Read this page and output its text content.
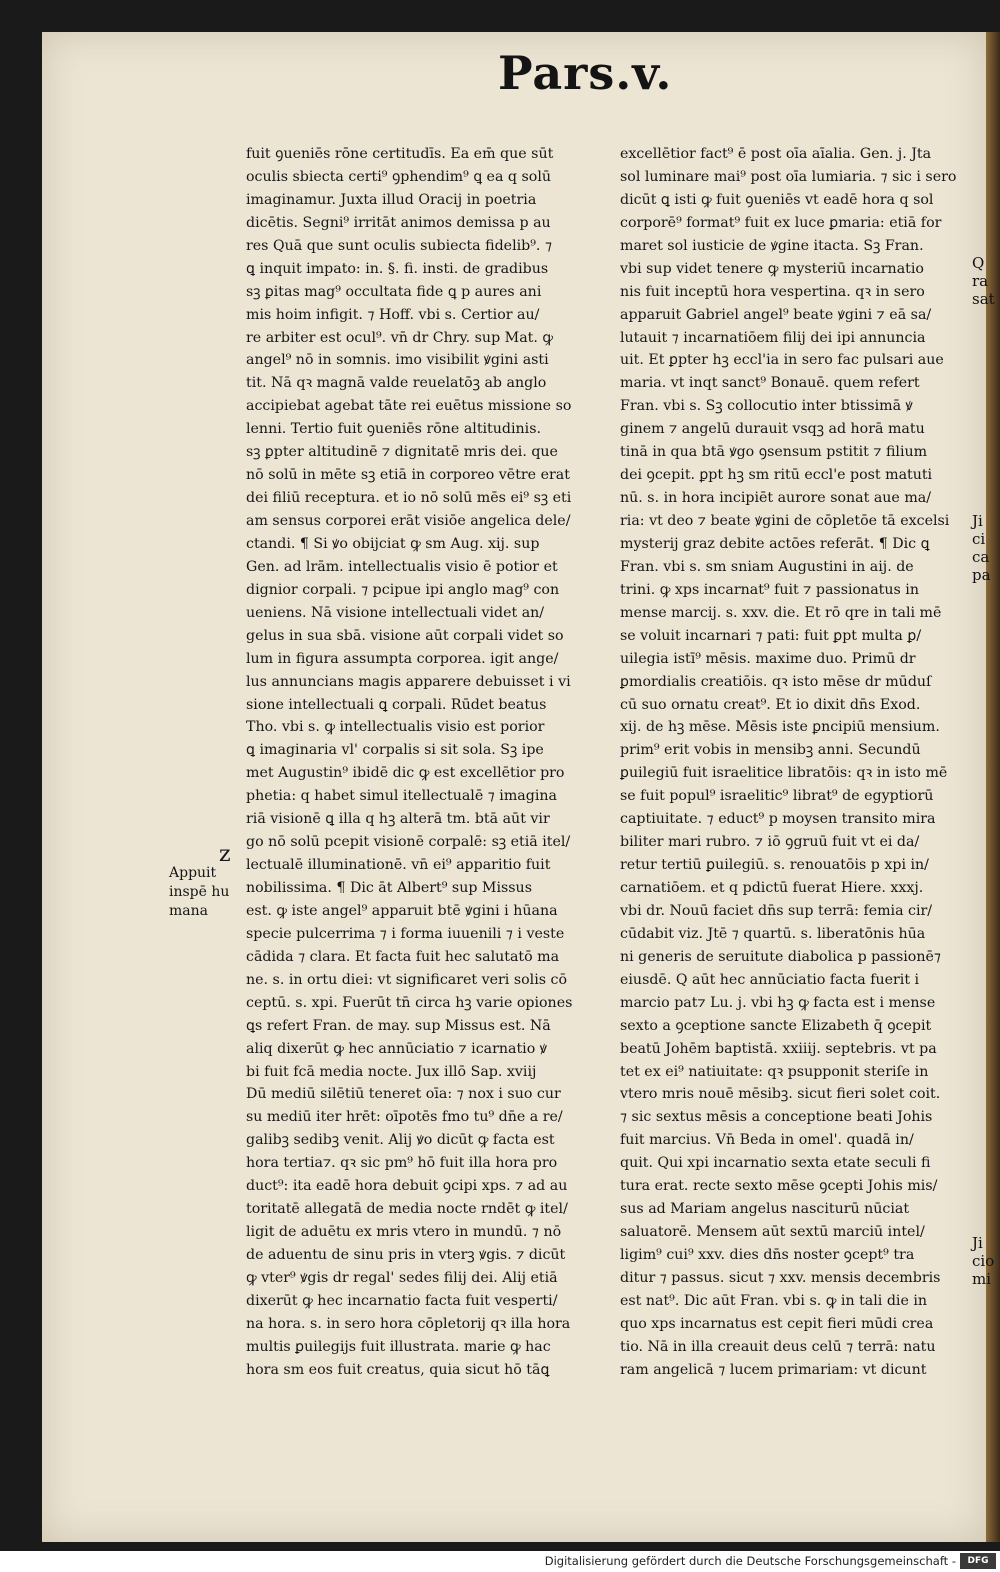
Pars.v.
fuit ꝯueniēs rōne certitudīs. Ea em̄ que sūt
oculis sbiecta certi⁹ ꝯphendim⁹ ꝗ ea q solū
imaginamur. Juxta illud Oracij in poetria
dicētis. Segni⁹ irritāt animos demissa p au
res Quā que sunt oculis subiecta fidelib⁹. ⁊
ꝗ inquit impato: in. §. fi. insti. de gradibus
sꝫ ꝑitas mag⁹ occultata fide ꝗ p aures ani
mis hoim infigit. ⁊ Hoff. vbi s. Certior au/
re arbiter est ocul⁹. vn̄ dr Chry. sup Mat. ꝙ
angel⁹ nō in somnis. imo visibilit ꝟgini asti
tit. Nā qꝛ magnā valde reuelatōꝫ ab anglo
accipiebat agebat tāte rei euētus missione so
lenni. Tertio fuit ꝯueniēs rōne altitudinis.
sꝫ ꝑpter altitudinē ⁊ dignitatē mris dei. que
nō solū in mēte sꝫ etiā in corporeo vētre erat
dei filiū receptura. et io nō solū mēs ei⁹ sꝫ eti
am sensus corporei erāt visiōe angelica dele/
ctandi. ¶ Si ꝟo obijciat ꝙ sm Aug. xij. sup
Gen. ad lrām. intellectualis visio ē potior et
dignior corpali. ⁊ pcipue ipi anglo mag⁹ con
ueniens. Nā visione intellectuali videt an/
gelus in sua sbā. visione aūt corpali videt so
lum in figura assumpta corporea. igit ange/
lus annuncians magis apparere debuisset i vi
sione intellectuali ꝗ corpali. Rūdet beatus
Tho. vbi s. ꝙ intellectualis visio est porior
ꝗ imaginaria vl' corpalis si sit sola. Sꝫ ipe
met Augustin⁹ ibidē dic ꝙ est excellētior pro
phetia: q habet simul itellectualē ⁊ imagina
riā visionē ꝗ illa q hꝫ alterā tm. btā aūt vir
go nō solū pcepit visionē corpalē: sꝫ etiā itel/
lectualē illuminationē. vn̄ ei⁹ apparitio fuit
nobilissima. ¶ Dic āt Albert⁹ sup Missus
est. ꝙ iste angel⁹ apparuit btē ꝟgini i hūana
specie pulcerrima ⁊ i forma iuuenili ⁊ i veste
cādida ⁊ clara. Et facta fuit hec salutatō ma
ne. s. in ortu diei: vt significaret veri solis cō
ceptū. s. xpi. Fuerūt tn̄ circa hꝫ varie opiones
ꝗs refert Fran. de may. sup Missus est. Nā
aliq dixerūt ꝙ hec annūciatio ⁊ icarnatio ꝟ
bi fuit fcā media nocte. Jux illō Sap. xviij
Dū mediū silētiū teneret oīa: ⁊ nox i suo cur
su mediū iter hrēt: oīpotēs fmo tu⁹ dn̄e a re/
galibꝫ sedibꝫ venit. Alij ꝟo dicūt ꝙ facta est
hora tertia⁊. qꝛ sic pm⁹ hō fuit illa hora pro
duct⁹: ita eadē hora debuit ꝯcipi xps. ⁊ ad au
toritatē allegatā de media nocte rndēt ꝙ itel/
ligit de aduētu ex mris vtero in mundū. ⁊ nō
de aduentu de sinu pris in vterꝫ ꝟgis. ⁊ dicūt
ꝙ vter⁹ ꝟgis dr regal' sedes filij dei. Alij etiā
dixerūt ꝙ hec incarnatio facta fuit vesperti/
na hora. s. in sero hora cōpletorij qꝛ illa hora
multis ꝑuilegijs fuit illustrata. marie ꝙ hac
hora sm eos fuit creatus, quia sicut hō tāꝗ
excellētior fact⁹ ē post oīa aīalia. Gen. j. Jta
sol luminare mai⁹ post oīa lumiaria. ⁊ sic i sero
dicūt ꝗ isti ꝙ fuit ꝯueniēs vt eadē hora q sol
corporē⁹ format⁹ fuit ex luce ꝑmaria: etiā for
maret sol iusticie de ꝟgine itacta. Sꝫ Fran.
vbi sup videt tenere ꝙ mysteriū incarnatio
nis fuit inceptū hora vespertina. qꝛ in sero
apparuit Gabriel angel⁹ beate ꝟgini ⁊ eā sa/
lutauit ⁊ incarnatiōem filij dei ipi annuncia
uit. Et ꝑpter hꝫ eccl'ia in sero fac pulsari aue
maria. vt inqt sanct⁹ Bonauē. quem refert
Fran. vbi s. Sꝫ collocutio inter btissimā ꝟ
ginem ⁊ angelū durauit vsqꝫ ad horā matu
tinā in qua btā ꝟgo ꝯsensum pstitit ⁊ filium
dei ꝯcepit. ꝑpt hꝫ sm ritū eccl'e post matuti
nū. s. in hora incipiēt aurore sonat aue ma/
ria: vt deo ⁊ beate ꝟgini de cōpletōe tā excelsi
mysterij graz debite actōes referāt. ¶ Dic ꝗ
Fran. vbi s. sm sniam Augustini in aij. de
trini. ꝙ xps incarnat⁹ fuit ⁊ passionatus in
mense marcij. s. xxv. die. Et rō qre in tali mē
se voluit incarnari ⁊ pati: fuit ꝑpt multa ꝑ/
uilegia istī⁹ mēsis. maxime duo. Primū dr
ꝑmordialis creatiōis. qꝛ isto mēse dr mūduſ
cū suo ornatu creat⁹. Et io dixit dn̄s Exod.
xij. de hꝫ mēse. Mēsis iste ꝑncipiū mensium.
prim⁹ erit vobis in mensibꝫ anni. Secundū
ꝑuilegiū fuit israelitice libratōis: qꝛ in isto mē
se fuit popul⁹ israelitic⁹ librat⁹ de egyptiorū
captiuitate. ⁊ educt⁹ p moysen transito mira
biliter mari rubro. ⁊ iō ꝯgruū fuit vt ei da/
retur tertiū ꝑuilegiū. s. renouatōis p xpi in/
carnatiōem. et q pdictū fuerat Hiere. xxxj.
vbi dr. Nouū faciet dn̄s sup terrā: femia cir/
cūdabit viz. Jtē ⁊ quartū. s. liberatōnis hūa
ni generis de seruitute diabolica p passionē⁊
eiusdē. Q aūt hec annūciatio facta fuerit i
marcio pat⁊ Lu. j. vbi hꝫ ꝙ facta est i mense
sexto a ꝯceptione sancte Elizabeth q̄ ꝯcepit
beatū Johēm baptistā. xxiiij. septebris. vt pa
tet ex ei⁹ natiuitate: qꝛ psupponit steriſe in
vtero mris nouē mēsibꝫ. sicut fieri solet coit.
⁊ sic sextus mēsis a conceptione beati Johis
fuit marcius. Vn̄ Beda in omel'. quadā in/
quit. Qui xpi incarnatio sexta etate seculi fi
tura erat. recte sexto mēse ꝯcepti Johis mis/
sus ad Mariam angelus nasciturū nūciat
saluatorē. Mensem aūt sextū marciū intel/
ligim⁹ cui⁹ xxv. dies dn̄s noster ꝯcept⁹ tra
ditur ⁊ passus. sicut ⁊ xxv. mensis decembris
est nat⁹. Dic aūt Fran. vbi s. ꝙ in tali die in
quo xps incarnatus est cepit fieri mūdi crea
tio. Nā in illa creauit deus celū ⁊ terrā: natu
ram angelicā ⁊ lucem primariam: vt dicunt
z
Appuit
inspē hu
mana
Q
ra
sat
Ji
ci
ca
pa
Ji
cio
mi
Digitalisierung gefördert durch die Deutsche Forschungsgemeinschaft -	DFG
